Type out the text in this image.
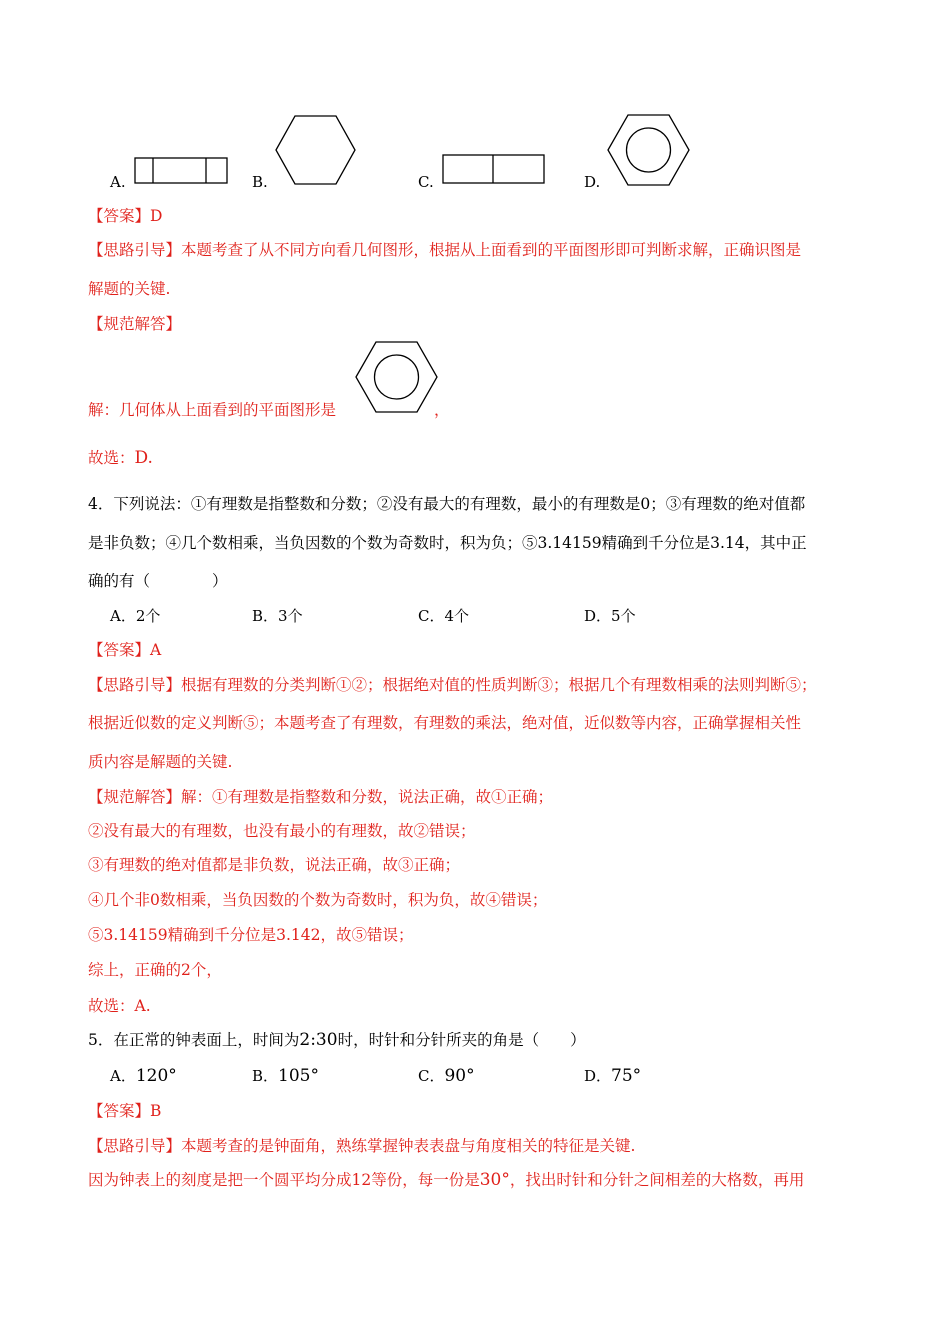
A.	B.	C.	D.
【答案】D
【思路引导】本题考查了从不同方向看几何图形，根据从上面看到的平面图形即可判断求解，正确识图是
解题的关键.
【规范解答】
解：几何体从上面看到的平面图形是	，
故选：D.
4．下列说法：①有理数是指整数和分数；②没有最大的有理数，最小的有理数是0；③有理数的绝对值都
是非负数；④几个数相乘，当负因数的个数为奇数时，积为负；⑤3.14159精确到千分位是3.14，其中正
确的有（　　　　）
A．2个	B．3个	C．4个	D．5个
【答案】A
【思路引导】根据有理数的分类判断①②；根据绝对值的性质判断③；根据几个有理数相乘的法则判断⑤；
根据近似数的定义判断⑤；本题考查了有理数，有理数的乘法，绝对值，近似数等内容，正确掌握相关性
质内容是解题的关键.
【规范解答】解：①有理数是指整数和分数，说法正确，故①正确；
②没有最大的有理数，也没有最小的有理数，故②错误；
③有理数的绝对值都是非负数，说法正确，故③正确；
④几个非0数相乘，当负因数的个数为奇数时，积为负，故④错误；
⑤3.14159精确到千分位是3.142，故⑤错误；
综上，正确的2个，
故选：A.
5．在正常的钟表面上，时间为2:30时，时针和分针所夹的角是（　　）
A．120°	B．105°	C．90°	D．75°
【答案】B
【思路引导】本题考查的是钟面角，熟练掌握钟表表盘与角度相关的特征是关键.
因为钟表上的刻度是把一个圆平均分成12等份，每一份是30°，找出时针和分针之间相差的大格数，再用
